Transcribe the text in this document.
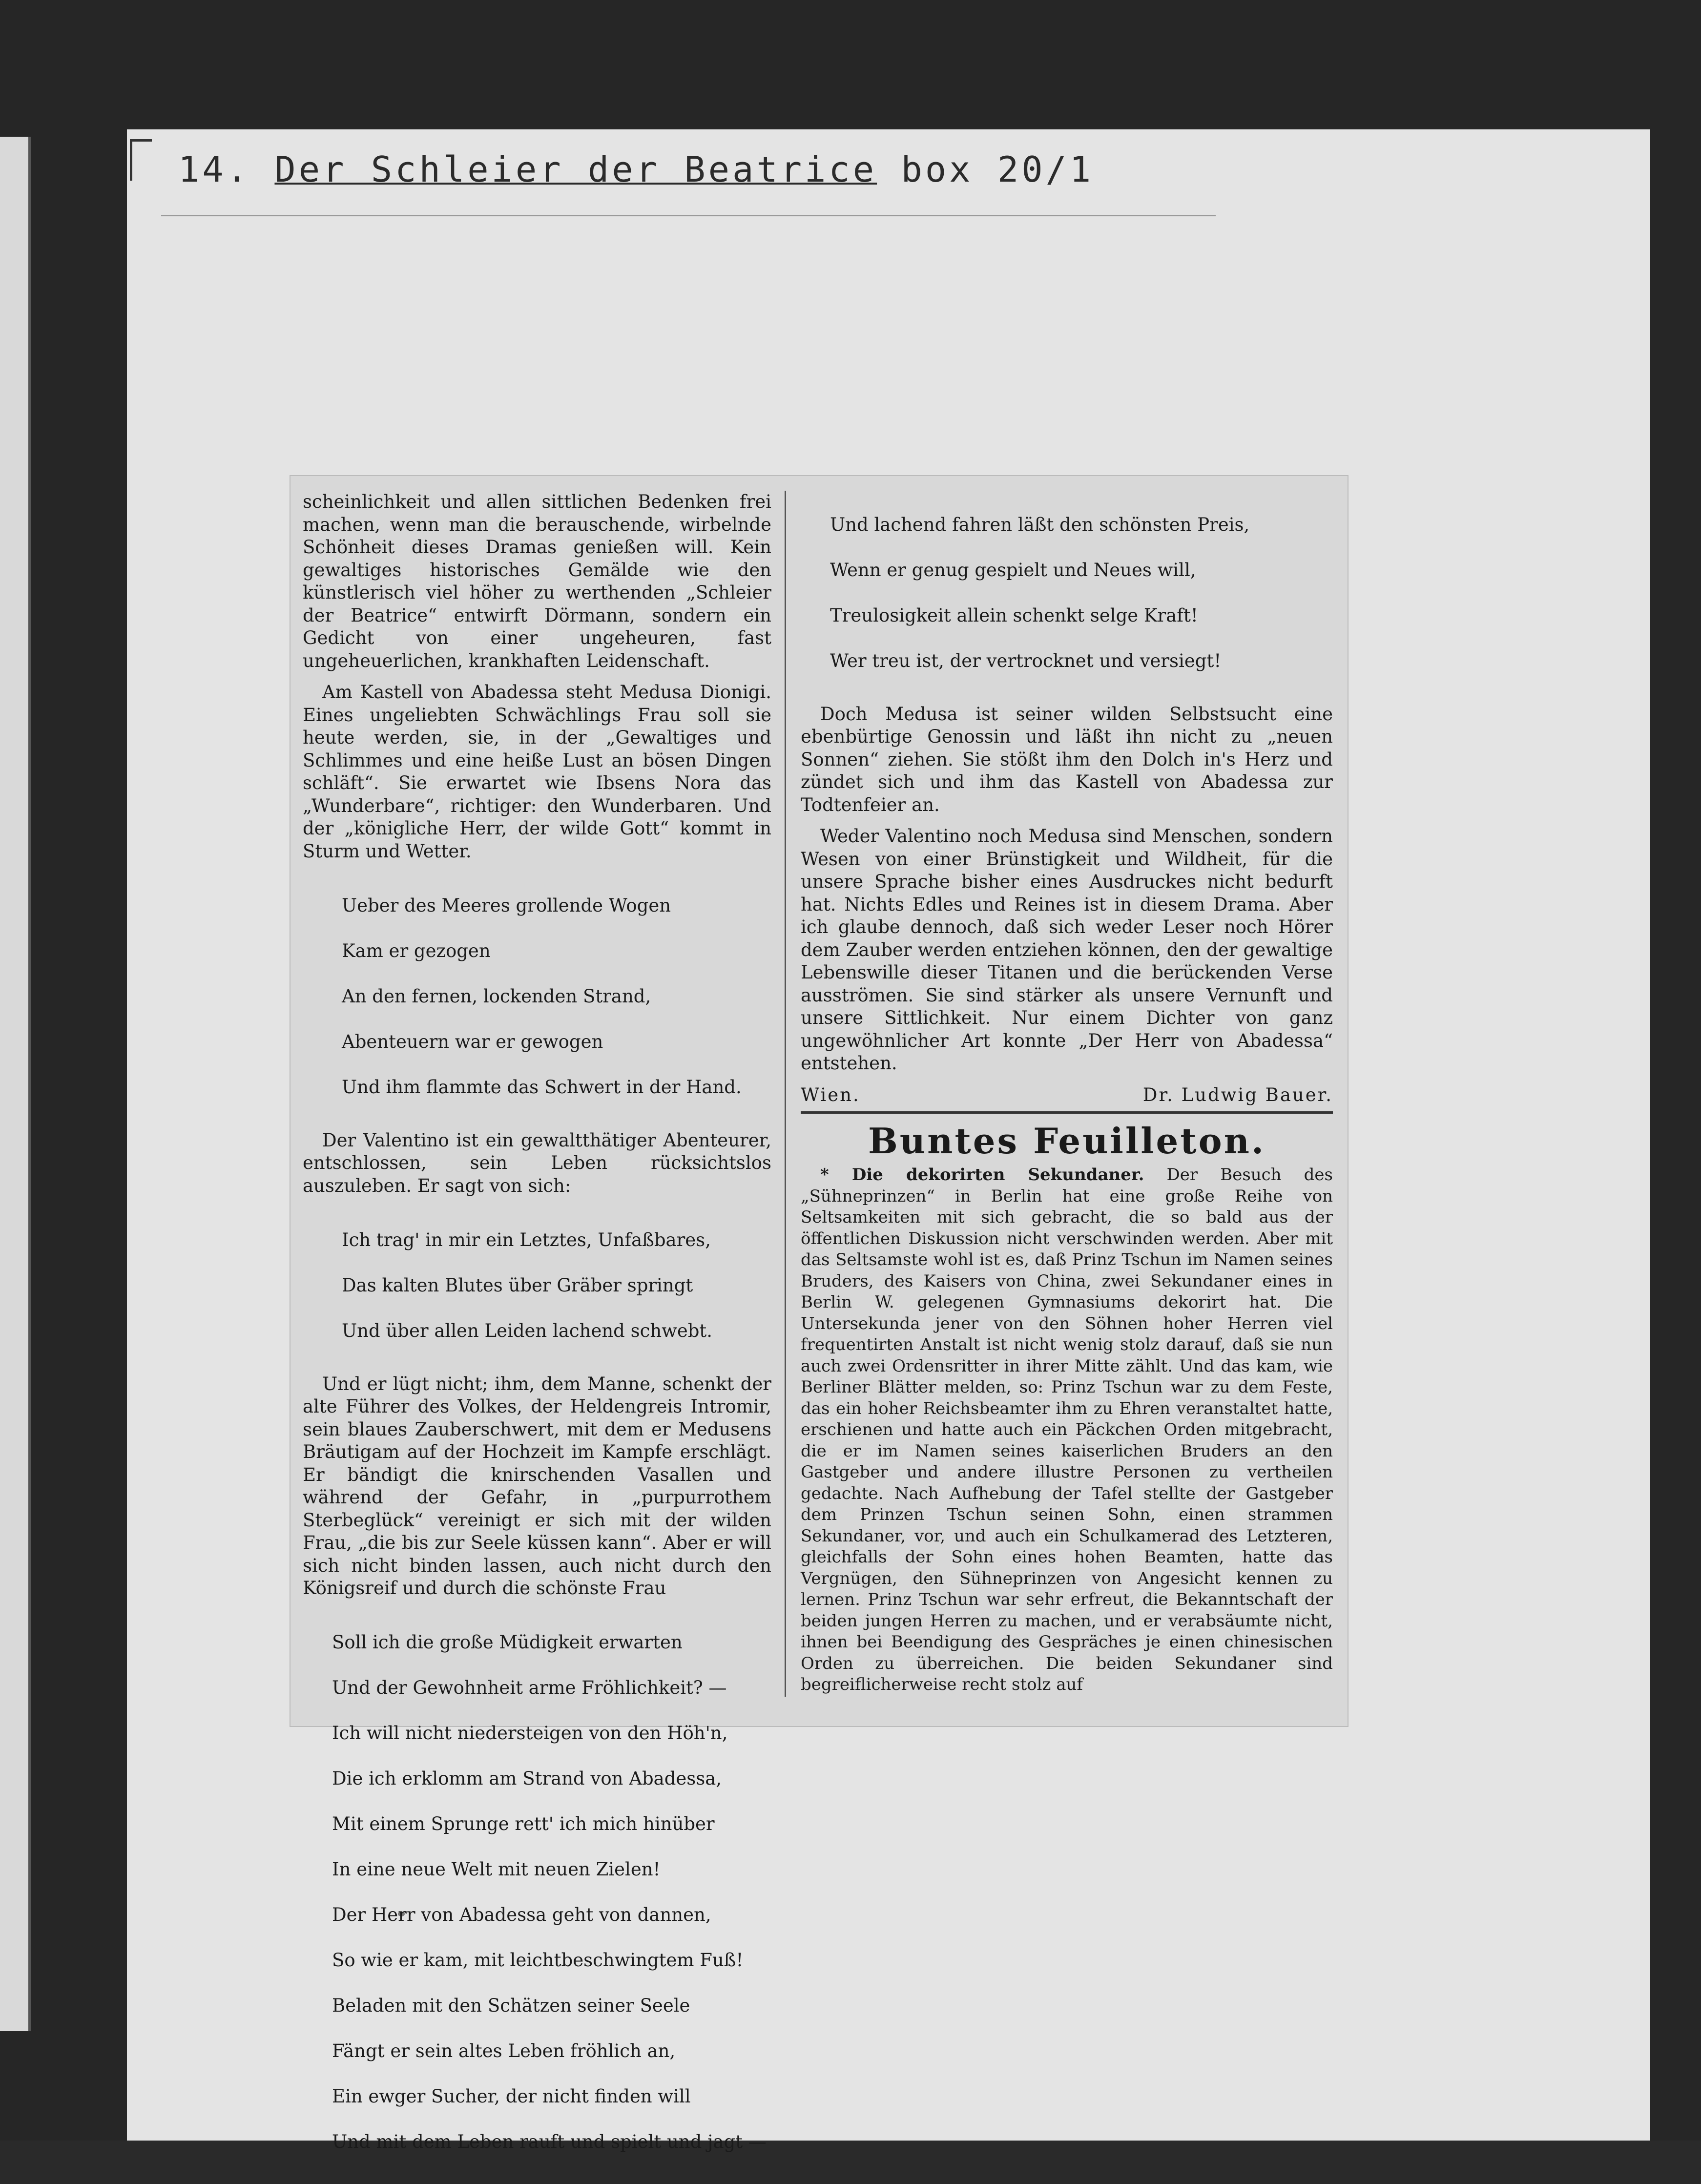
14. Der Schleier der Beatrice box 20/1

scheinlichkeit und allen sittlichen Bedenken frei machen, wenn man die berauschende, wirbelnde Schönheit dieses Dramas genießen will. Kein gewaltiges historisches Gemälde wie den künstlerisch viel höher zu werthenden „Schleier der Beatrice“ entwirft Dörmann, sondern ein Gedicht von einer ungeheuren, fast ungeheuerlichen, krankhaften Leidenschaft.

Am Kastell von Abadessa steht Medusa Dionigi. Eines ungeliebten Schwächlings Frau soll sie heute werden, sie, in der „Gewaltiges und Schlimmes und eine heiße Lust an bösen Dingen schläft“. Sie erwartet wie Ibsens Nora das „Wunderbare“, richtiger: den Wunderbaren. Und der „königliche Herr, der wilde Gott“ kommt in Sturm und Wetter.

Ueber des Meeres grollende Wogen

Kam er gezogen

An den fernen, lockenden Strand,

Abenteuern war er gewogen

Und ihm flammte das Schwert in der Hand.

Der Valentino ist ein gewaltthätiger Abenteurer, entschlossen, sein Leben rücksichtslos auszuleben. Er sagt von sich:

Ich trag' in mir ein Letztes, Unfaßbares,

Das kalten Blutes über Gräber springt

Und über allen Leiden lachend schwebt.

Und er lügt nicht; ihm, dem Manne, schenkt der alte Führer des Volkes, der Heldengreis Intromir, sein blaues Zauberschwert, mit dem er Medusens Bräutigam auf der Hochzeit im Kampfe erschlägt. Er bändigt die knirschenden Vasallen und während der Gefahr, in „purpurrothem Sterbeglück“ vereinigt er sich mit der wilden Frau, „die bis zur Seele küssen kann“. Aber er will sich nicht binden lassen, auch nicht durch den Königsreif und durch die schönste Frau

Soll ich die große Müdigkeit erwarten

Und der Gewohnheit arme Fröhlichkeit? —

Ich will nicht niedersteigen von den Höh'n,

Die ich erklomm am Strand von Abadessa,

Mit einem Sprunge rett' ich mich hinüber

In eine neue Welt mit neuen Zielen!

Der Herr von Abadessa geht von dannen,

So wie er kam, mit leichtbeschwingtem Fuß!

Beladen mit den Schätzen seiner Seele

Fängt er sein altes Leben fröhlich an,

Ein ewger Sucher, der nicht finden will

Und mit dem Leben rauft und spielt und jagt —

Und lachend fahren läßt den schönsten Preis,

Wenn er genug gespielt und Neues will,

Treulosigkeit allein schenkt selge Kraft!

Wer treu ist, der vertrocknet und versiegt!

Doch Medusa ist seiner wilden Selbstsucht eine ebenbürtige Genossin und läßt ihn nicht zu „neuen Sonnen“ ziehen. Sie stößt ihm den Dolch in's Herz und zündet sich und ihm das Kastell von Abadessa zur Todtenfeier an.

Weder Valentino noch Medusa sind Menschen, sondern Wesen von einer Brünstigkeit und Wildheit, für die unsere Sprache bisher eines Ausdruckes nicht bedurft hat. Nichts Edles und Reines ist in diesem Drama. Aber ich glaube dennoch, daß sich weder Leser noch Hörer dem Zauber werden entziehen können, den der gewaltige Lebenswille dieser Titanen und die berückenden Verse ausströmen. Sie sind stärker als unsere Vernunft und unsere Sittlichkeit. Nur einem Dichter von ganz ungewöhnlicher Art konnte „Der Herr von Abadessa“ entstehen.

Wien.	Dr. Ludwig Bauer.
Buntes Feuilleton.

* Die dekorirten Sekundaner. Der Besuch des „Sühneprinzen“ in Berlin hat eine große Reihe von Seltsamkeiten mit sich gebracht, die so bald aus der öffentlichen Diskussion nicht verschwinden werden. Aber mit das Seltsamste wohl ist es, daß Prinz Tschun im Namen seines Bruders, des Kaisers von China, zwei Sekundaner eines in Berlin W. gelegenen Gymnasiums dekorirt hat. Die Untersekunda jener von den Söhnen hoher Herren viel frequentirten Anstalt ist nicht wenig stolz darauf, daß sie nun auch zwei Ordensritter in ihrer Mitte zählt. Und das kam, wie Berliner Blätter melden, so: Prinz Tschun war zu dem Feste, das ein hoher Reichsbeamter ihm zu Ehren veranstaltet hatte, erschienen und hatte auch ein Päckchen Orden mitgebracht, die er im Namen seines kaiserlichen Bruders an den Gastgeber und andere illustre Personen zu vertheilen gedachte. Nach Aufhebung der Tafel stellte der Gastgeber dem Prinzen Tschun seinen Sohn, einen strammen Sekundaner, vor, und auch ein Schulkamerad des Letzteren, gleichfalls der Sohn eines hohen Beamten, hatte das Vergnügen, den Sühneprinzen von Angesicht kennen zu lernen. Prinz Tschun war sehr erfreut, die Bekanntschaft der beiden jungen Herren zu machen, und er verabsäumte nicht, ihnen bei Beendigung des Gespräches je einen chinesischen Orden zu überreichen. Die beiden Sekundaner sind begreiflicherweise recht stolz auf
